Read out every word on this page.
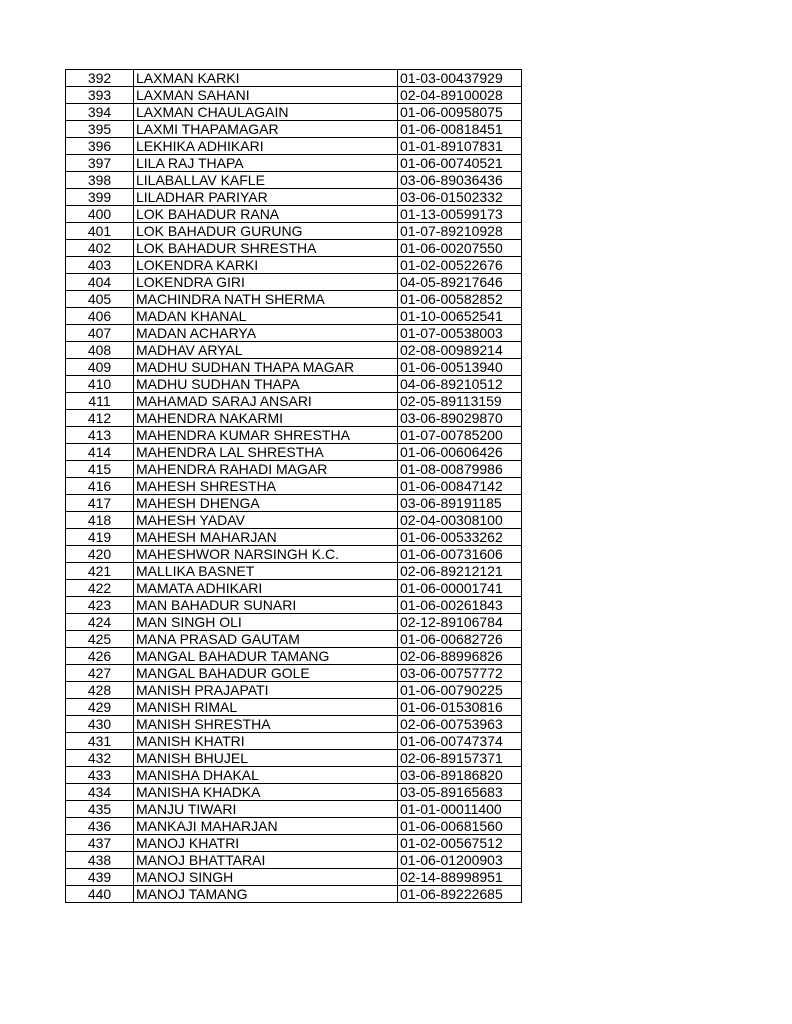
392	LAXMAN KARKI	01-03-00437929
393	LAXMAN SAHANI	02-04-89100028
394	LAXMAN CHAULAGAIN	01-06-00958075
395	LAXMI THAPAMAGAR	01-06-00818451
396	LEKHIKA ADHIKARI	01-01-89107831
397	LILA RAJ THAPA	01-06-00740521
398	LILABALLAV KAFLE	03-06-89036436
399	LILADHAR PARIYAR	03-06-01502332
400	LOK BAHADUR RANA	01-13-00599173
401	LOK BAHADUR GURUNG	01-07-89210928
402	LOK BAHADUR SHRESTHA	01-06-00207550
403	LOKENDRA KARKI	01-02-00522676
404	LOKENDRA GIRI	04-05-89217646
405	MACHINDRA NATH SHERMA	01-06-00582852
406	MADAN KHANAL	01-10-00652541
407	MADAN ACHARYA	01-07-00538003
408	MADHAV ARYAL	02-08-00989214
409	MADHU SUDHAN THAPA MAGAR	01-06-00513940
410	MADHU SUDHAN THAPA	04-06-89210512
411	MAHAMAD SARAJ ANSARI	02-05-89113159
412	MAHENDRA NAKARMI	03-06-89029870
413	MAHENDRA KUMAR SHRESTHA	01-07-00785200
414	MAHENDRA LAL SHRESTHA	01-06-00606426
415	MAHENDRA RAHADI MAGAR	01-08-00879986
416	MAHESH SHRESTHA	01-06-00847142
417	MAHESH DHENGA	03-06-89191185
418	MAHESH YADAV	02-04-00308100
419	MAHESH MAHARJAN	01-06-00533262
420	MAHESHWOR NARSINGH K.C.	01-06-00731606
421	MALLIKA BASNET	02-06-89212121
422	MAMATA ADHIKARI	01-06-00001741
423	MAN BAHADUR SUNARI	01-06-00261843
424	MAN SINGH OLI	02-12-89106784
425	MANA PRASAD GAUTAM	01-06-00682726
426	MANGAL BAHADUR TAMANG	02-06-88996826
427	MANGAL BAHADUR GOLE	03-06-00757772
428	MANISH PRAJAPATI	01-06-00790225
429	MANISH RIMAL	01-06-01530816
430	MANISH SHRESTHA	02-06-00753963
431	MANISH KHATRI	01-06-00747374
432	MANISH BHUJEL	02-06-89157371
433	MANISHA DHAKAL	03-06-89186820
434	MANISHA KHADKA	03-05-89165683
435	MANJU TIWARI	01-01-00011400
436	MANKAJI MAHARJAN	01-06-00681560
437	MANOJ KHATRI	01-02-00567512
438	MANOJ BHATTARAI	01-06-01200903
439	MANOJ SINGH	02-14-88998951
440	MANOJ TAMANG	01-06-89222685
